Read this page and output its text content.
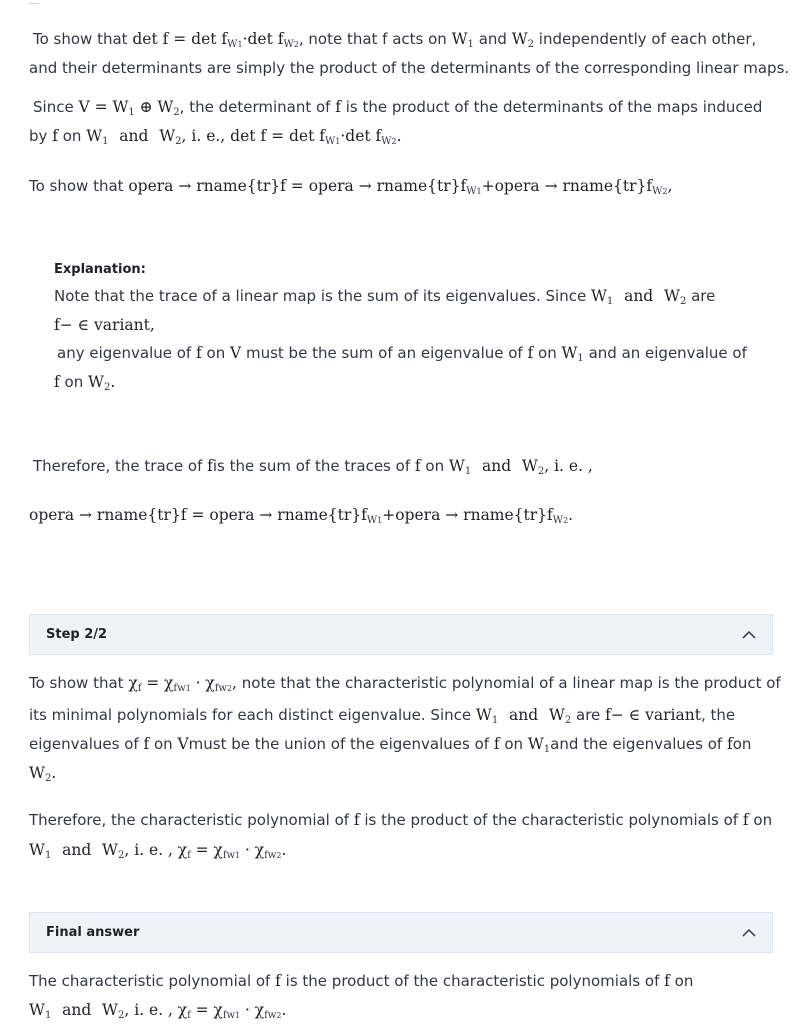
To show that $\det f = \det f_{W1}\cdot\det$ $f_{W2}$, note that f acts on $W_1$ and $W_2$ independently of each other,
and their determinants are simply the product of the determinants of the corresponding linear maps.
Since $V = W_1$ ⊕ $W_2$, the determinant of f is the product of the determinants of the maps induced
by f on $W_1$ and $W_2$, i. e., $\det f = \det f_{W1}\cdot\det$ $f_{W2}$.
To show that opera → rname{tr}f = opera → $rname\{tr\}f_{W1}+opera$ → $rname\{tr\}f_{W2}$,
Explanation:
Note that the trace of a linear map is the sum of its eigenvalues. Since $W_1$ and $W_2$ are
f− ∈ variant,
any eigenvalue of f on V must be the sum of an eigenvalue of f on $W_1$ and an eigenvalue of
f on $W_2$.
Therefore, the trace of fis the sum of the traces of f on $W_1$ and $W_2$, i. e. ,
opera → rname{tr}f = opera → $rname\{tr\}f_{W1}+opera$ → $rname\{tr\}f_{W2}$.
Step 2/2
To show that $\chi_f = \chi_{fw1} \cdot \chi_{fw2}$, note that the characteristic polynomial of a linear map is the product of
its minimal polynomials for each distinct eigenvalue. Since $W_1$ and $W_2$ are f− ∈ variant, the
eigenvalues of f on Vmust be the union of the eigenvalues of f on $W_1and$ the eigenvalues of fon
$W_2$.
Therefore, the characteristic polynomial of f is the product of the characteristic polynomials of f on
$W_1$ and $W_2$, i. e. , $\chi_f = \chi_{fw1} \cdot \chi_{fw2}$.
Final answer
The characteristic polynomial of f is the product of the characteristic polynomials of f on
$W_1$ and $W_2$, i. e. , $\chi_f = \chi_{fw1} \cdot \chi_{fw2}$.
